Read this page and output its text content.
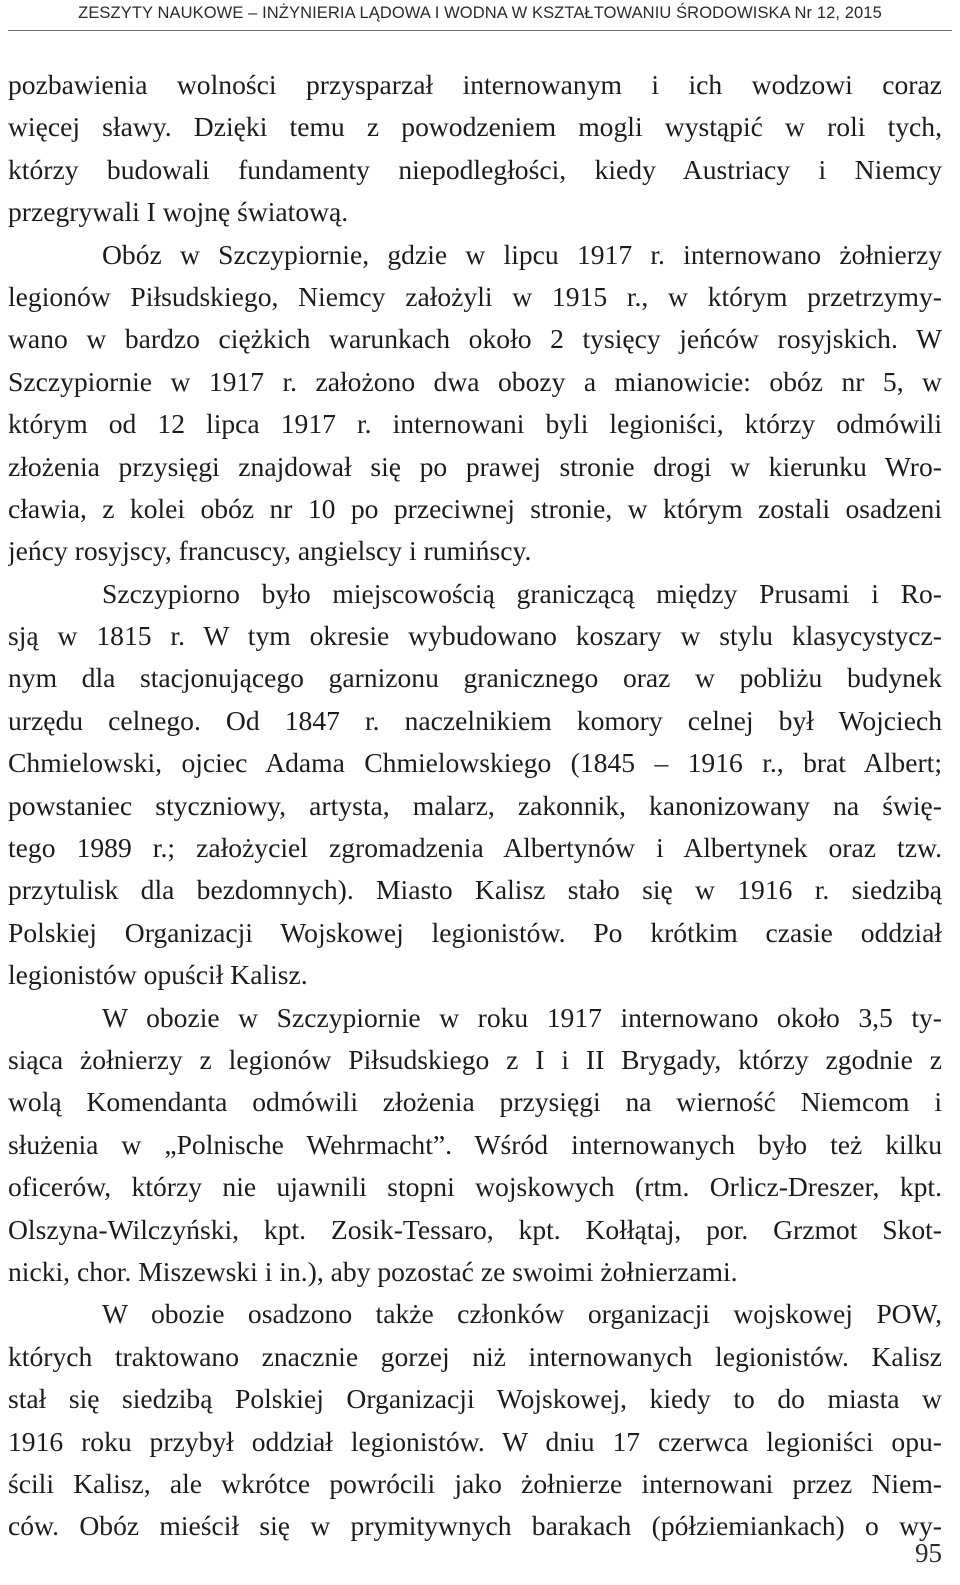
ZESZYTY NAUKOWE – INŻYNIERIA LĄDOWA I WODNA W KSZTAŁTOWANIU ŚRODOWISKA Nr 12, 2015

pozbawienia wolności przysparzał internowanym i ich wodzowi coraz
więcej sławy. Dzięki temu z powodzeniem mogli wystąpić w roli tych,
którzy budowali fundamenty niepodległości, kiedy Austriacy i Niemcy
przegrywali I wojnę światową.

Obóz w Szczypiornie, gdzie w lipcu 1917 r. internowano żołnierzy
legionów Piłsudskiego, Niemcy założyli w 1915 r., w którym przetrzymy-
wano w bardzo ciężkich warunkach około 2 tysięcy jeńców rosyjskich. W
Szczypiornie w 1917 r. założono dwa obozy a mianowicie: obóz nr 5, w
którym od 12 lipca 1917 r. internowani byli legioniści, którzy odmówili
złożenia przysięgi znajdował się po prawej stronie drogi w kierunku Wro-
cławia, z kolei obóz nr 10 po przeciwnej stronie, w którym zostali osadzeni
jeńcy rosyjscy, francuscy, angielscy i rumińscy.

Szczypiorno było miejscowością graniczącą między Prusami i Ro-
sją w 1815 r. W tym okresie wybudowano koszary w stylu klasycystycz-
nym dla stacjonującego garnizonu granicznego oraz w pobliżu budynek
urzędu celnego. Od 1847 r. naczelnikiem komory celnej był Wojciech
Chmielowski, ojciec Adama Chmielowskiego (1845 – 1916 r., brat Albert;
powstaniec styczniowy, artysta, malarz, zakonnik, kanonizowany na świę-
tego 1989 r.; założyciel zgromadzenia Albertynów i Albertynek oraz tzw.
przytulisk dla bezdomnych). Miasto Kalisz stało się w 1916 r. siedzibą
Polskiej Organizacji Wojskowej legionistów. Po krótkim czasie oddział
legionistów opuścił Kalisz.

W obozie w Szczypiornie w roku 1917 internowano około 3,5 ty-
siąca żołnierzy z legionów Piłsudskiego z I i II Brygady, którzy zgodnie z
wolą Komendanta odmówili złożenia przysięgi na wierność Niemcom i
służenia w „Polnische Wehrmacht”. Wśród internowanych było też kilku
oficerów, którzy nie ujawnili stopni wojskowych (rtm. Orlicz-Dreszer, kpt.
Olszyna-Wilczyński, kpt. Zosik-Tessaro, kpt. Kołłątaj, por. Grzmot Skot-
nicki, chor. Miszewski i in.), aby pozostać ze swoimi żołnierzami.

W obozie osadzono także członków organizacji wojskowej POW,
których traktowano znacznie gorzej niż internowanych legionistów. Kalisz
stał się siedzibą Polskiej Organizacji Wojskowej, kiedy to do miasta w
1916 roku przybył oddział legionistów. W dniu 17 czerwca legioniści opu-
ścili Kalisz, ale wkrótce powrócili jako żołnierze internowani przez Niem-
ców. Obóz mieścił się w prymitywnych barakach (półziemiankach) o wy-

95
